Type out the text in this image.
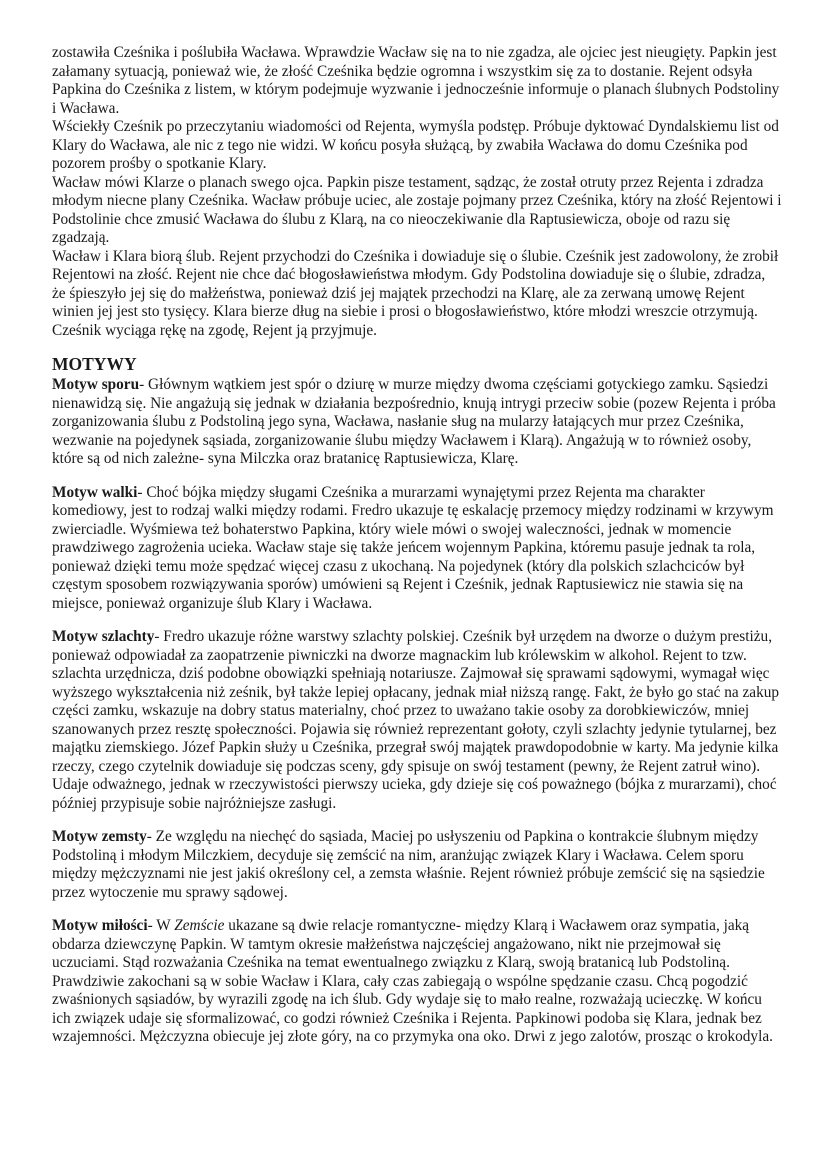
zostawiła Cześnika i poślubiła Wacława. Wprawdzie Wacław się na to nie zgadza, ale ojciec jest nieugięty. Papkin jest załamany sytuacją, ponieważ wie, że złość Cześnika będzie ogromna i wszystkim się za to dostanie. Rejent odsyła Papkina do Cześnika z listem, w którym podejmuje wyzwanie i jednocześnie informuje o planach ślubnych Podstoliny i Wacława.

Wściekły Cześnik po przeczytaniu wiadomości od Rejenta, wymyśla podstęp. Próbuje dyktować Dyndalskiemu list od Klary do Wacława, ale nic z tego nie widzi. W końcu posyła służącą, by zwabiła Wacława do domu Cześnika pod pozorem prośby o spotkanie Klary.

Wacław mówi Klarze o planach swego ojca. Papkin pisze testament, sądząc, że został otruty przez Rejenta i zdradza młodym niecne plany Cześnika. Wacław próbuje uciec, ale zostaje pojmany przez Cześnika, który na złość Rejentowi i Podstolinie chce zmusić Wacława do ślubu z Klarą, na co nieoczekiwanie dla Raptusiewicza, oboje od razu się zgadzają.

Wacław i Klara biorą ślub. Rejent przychodzi do Cześnika i dowiaduje się o ślubie. Cześnik jest zadowolony, że zrobił Rejentowi na złość. Rejent nie chce dać błogosławieństwa młodym. Gdy Podstolina dowiaduje się o ślubie, zdradza, że śpieszyło jej się do małżeństwa, ponieważ dziś jej majątek przechodzi na Klarę, ale za zerwaną umowę Rejent winien jej jest sto tysięcy. Klara bierze dług na siebie i prosi o błogosławieństwo, które młodzi wreszcie otrzymują. Cześnik wyciąga rękę na zgodę, Rejent ją przyjmuje.

MOTYWY

Motyw sporu- Głównym wątkiem jest spór o dziurę w murze między dwoma częściami gotyckiego zamku. Sąsiedzi nienawidzą się. Nie angażują się jednak w działania bezpośrednio, knują intrygi przeciw sobie (pozew Rejenta i próba zorganizowania ślubu z Podstoliną jego syna, Wacława, nasłanie sług na mularzy łatających mur przez Cześnika, wezwanie na pojedynek sąsiada, zorganizowanie ślubu między Wacławem i Klarą). Angażują w to również osoby, które są od nich zależne- syna Milczka oraz bratanicę Raptusiewicza, Klarę.

Motyw walki- Choć bójka między sługami Cześnika a murarzami wynajętymi przez Rejenta ma charakter komediowy, jest to rodzaj walki między rodami. Fredro ukazuje tę eskalację przemocy między rodzinami w krzywym zwierciadle. Wyśmiewa też bohaterstwo Papkina, który wiele mówi o swojej waleczności, jednak w momencie prawdziwego zagrożenia ucieka. Wacław staje się także jeńcem wojennym Papkina, któremu pasuje jednak ta rola, ponieważ dzięki temu może spędzać więcej czasu z ukochaną. Na pojedynek (który dla polskich szlachciców był częstym sposobem rozwiązywania sporów) umówieni są Rejent i Cześnik, jednak Raptusiewicz nie stawia się na miejsce, ponieważ organizuje ślub Klary i Wacława.

Motyw szlachty- Fredro ukazuje różne warstwy szlachty polskiej. Cześnik był urzędem na dworze o dużym prestiżu, ponieważ odpowiadał za zaopatrzenie piwniczki na dworze magnackim lub królewskim w alkohol. Rejent to tzw. szlachta urzędnicza, dziś podobne obowiązki spełniają notariusze. Zajmował się sprawami sądowymi, wymagał więc wyższego wykształcenia niż ześnik, był także lepiej opłacany, jednak miał niższą rangę. Fakt, że było go stać na zakup części zamku, wskazuje na dobry status materialny, choć przez to uważano takie osoby za dorobkiewiczów, mniej szanowanych przez resztę społeczności. Pojawia się również reprezentant gołoty, czyli szlachty jedynie tytularnej, bez majątku ziemskiego. Józef Papkin służy u Cześnika, przegrał swój majątek prawdopodobnie w karty. Ma jedynie kilka rzeczy, czego czytelnik dowiaduje się podczas sceny, gdy spisuje on swój testament (pewny, że Rejent zatruł wino). Udaje odważnego, jednak w rzeczywistości pierwszy ucieka, gdy dzieje się coś poważnego (bójka z murarzami), choć później przypisuje sobie najróżniejsze zasługi.

Motyw zemsty- Ze względu na niechęć do sąsiada, Maciej po usłyszeniu od Papkina o kontrakcie ślubnym między Podstoliną i młodym Milczkiem, decyduje się zemścić na nim, aranżując związek Klary i Wacława. Celem sporu między mężczyznami nie jest jakiś określony cel, a zemsta właśnie. Rejent również próbuje zemścić się na sąsiedzie przez wytoczenie mu sprawy sądowej.

Motyw miłości- W Zemście ukazane są dwie relacje romantyczne- między Klarą i Wacławem oraz sympatia, jaką obdarza dziewczynę Papkin. W tamtym okresie małżeństwa najczęściej angażowano, nikt nie przejmował się uczuciami. Stąd rozważania Cześnika na temat ewentualnego związku z Klarą, swoją bratanicą lub Podstoliną. Prawdziwie zakochani są w sobie Wacław i Klara, cały czas zabiegają o wspólne spędzanie czasu. Chcą pogodzić zwaśnionych sąsiadów, by wyrazili zgodę na ich ślub. Gdy wydaje się to mało realne, rozważają ucieczkę. W końcu ich związek udaje się sformalizować, co godzi również Cześnika i Rejenta. Papkinowi podoba się Klara, jednak bez wzajemności. Mężczyzna obiecuje jej złote góry, na co przymyka ona oko. Drwi z jego zalotów, prosząc o krokodyla.
